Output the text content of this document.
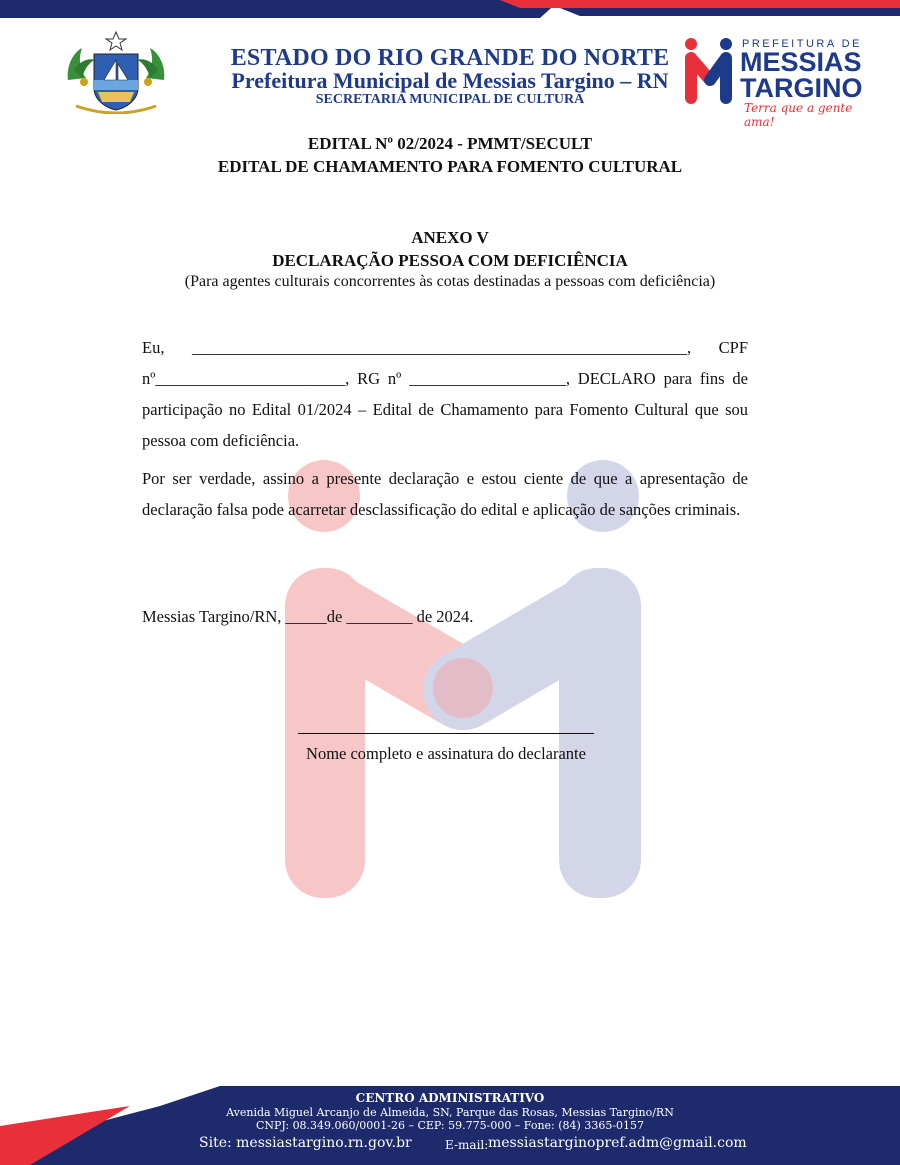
ESTADO DO RIO GRANDE DO NORTE
Prefeitura Municipal de Messias Targino – RN
SECRETARIA MUNICIPAL DE CULTURA
PREFEITURA DE
MESSIAS
TARGINO
Terra que a gente ama!
EDITAL Nº 02/2024 - PMMT/SECULT
EDITAL DE CHAMAMENTO PARA FOMENTO CULTURAL
ANEXO V
DECLARAÇÃO PESSOA COM DEFICIÊNCIA
(Para agentes culturais concorrentes às cotas destinadas a pessoas com deficiência)
Eu, ____________________________________________________________, CPF nº_______________________, RG nº ___________________, DECLARO para fins de participação no Edital 01/2024 – Edital de Chamamento para Fomento Cultural que sou pessoa com deficiência.
Por ser verdade, assino a presente declaração e estou ciente de que a apresentação de declaração falsa pode acarretar desclassificação do edital e aplicação de sanções criminais.
Messias Targino/RN, _____de ________ de 2024.
Nome completo e assinatura do declarante
CENTRO ADMINISTRATIVO
Avenida Miguel Arcanjo de Almeida, SN, Parque das Rosas, Messias Targino/RN
CNPJ: 08.349.060/0001-26 – CEP: 59.775-000 – Fone: (84) 3365-0157
Site: messiastargino.rn.gov.br	E-mail: messiastarginopref.adm@gmail.com
